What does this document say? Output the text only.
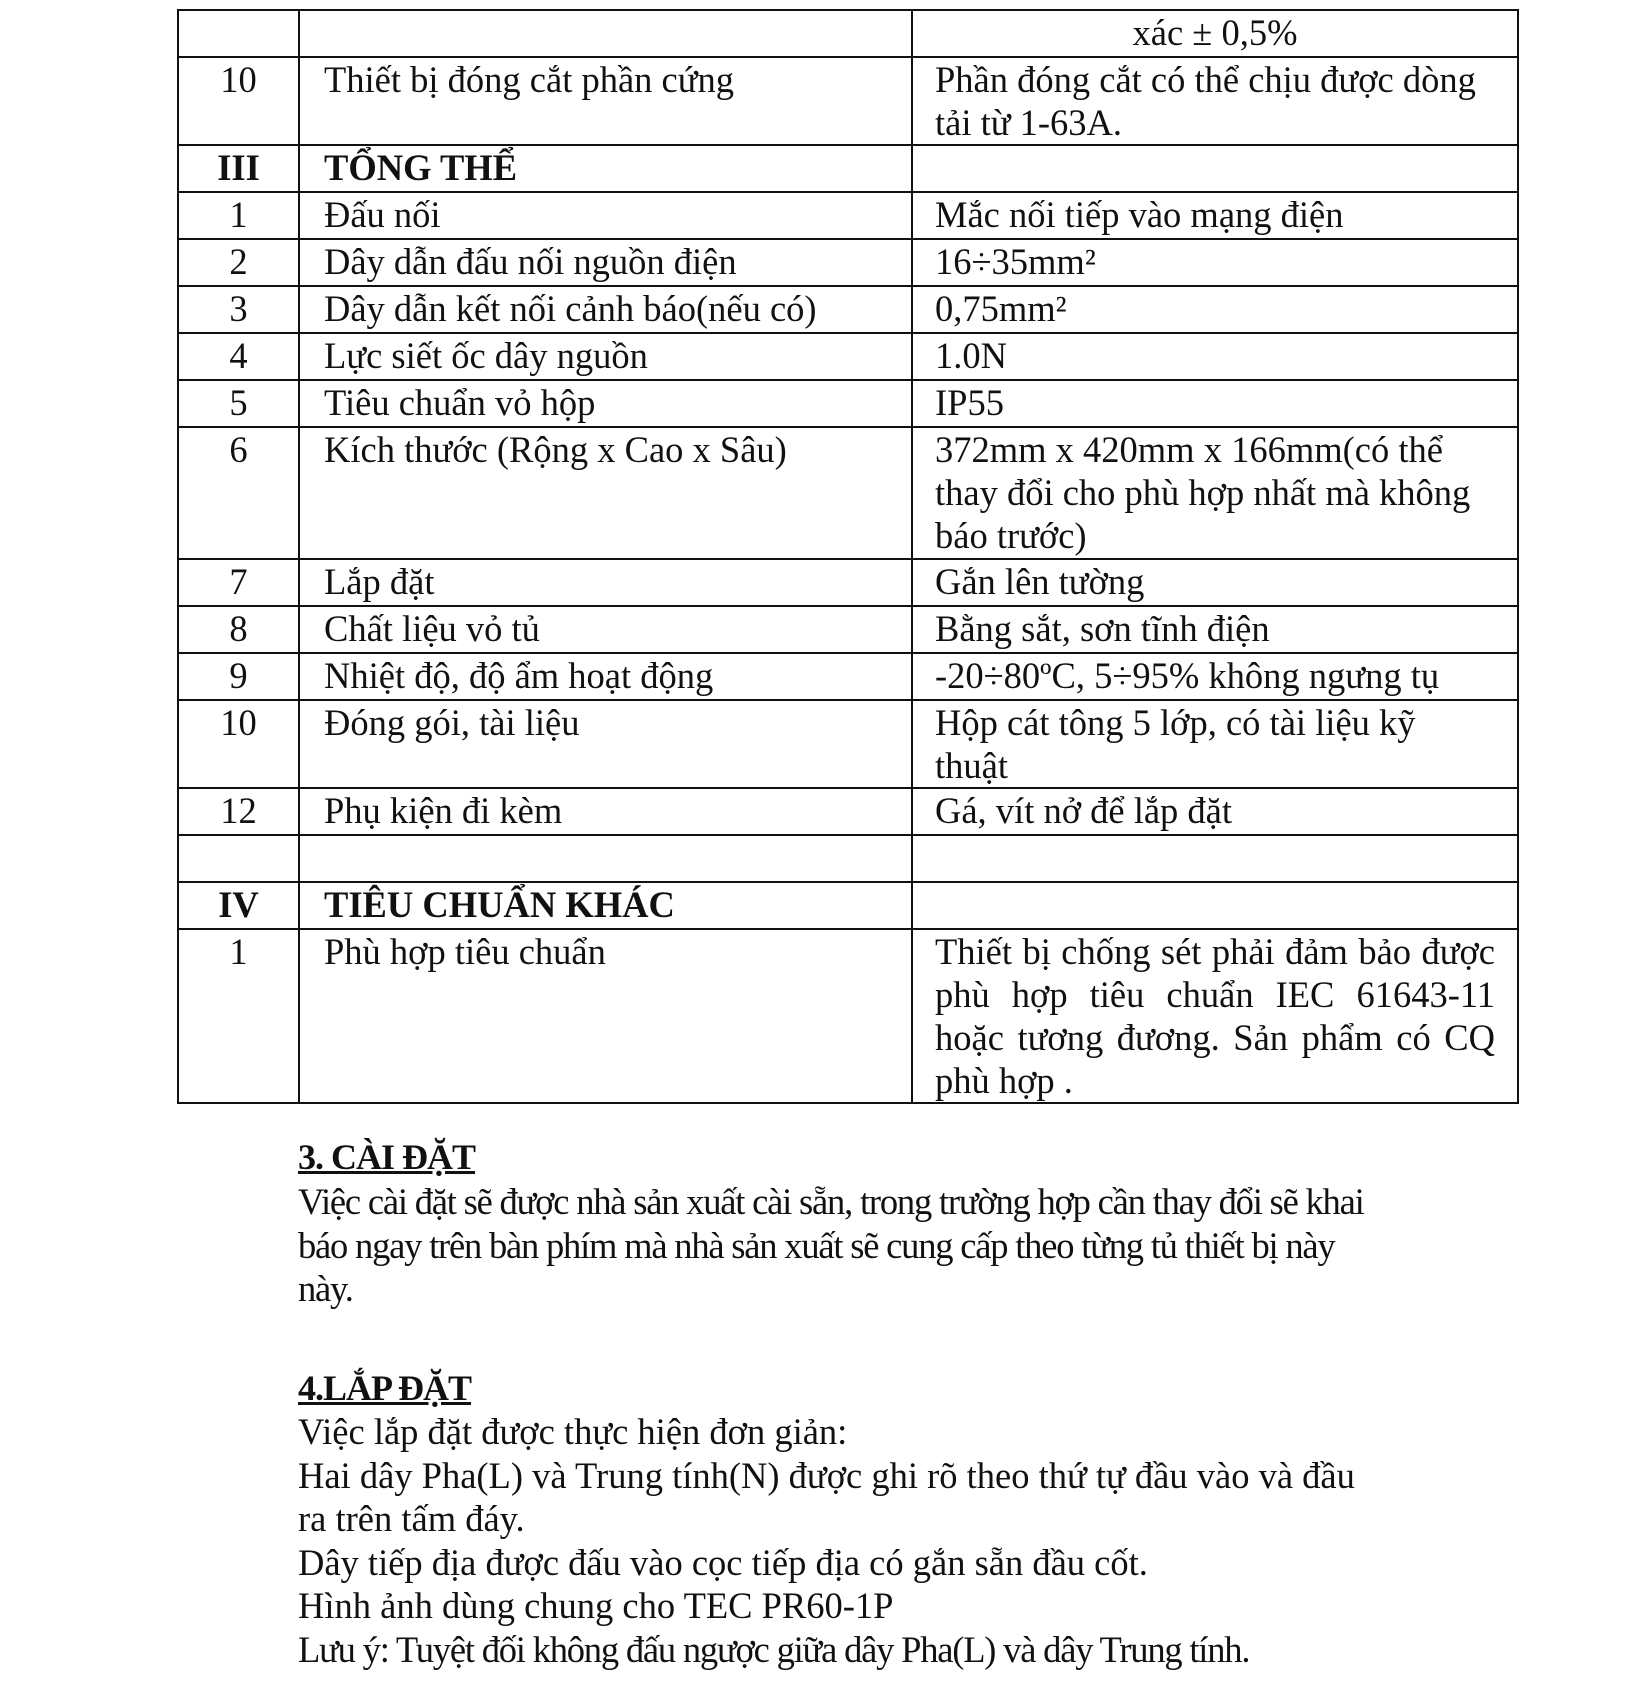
		xác ± 0,5%
10	Thiết bị đóng cắt phần cứng	Phần đóng cắt có thể chịu được dòng tải từ 1-63A.
III	TỔNG THỂ	
1	Đấu nối	Mắc nối tiếp vào mạng điện
2	Dây dẫn đấu nối nguồn điện	16÷35mm²
3	Dây dẫn kết nối cảnh báo(nếu có)	0,75mm²
4	Lực siết ốc dây nguồn	1.0N
5	Tiêu chuẩn vỏ hộp	IP55
6	Kích thước (Rộng x Cao x Sâu)	372mm x 420mm x 166mm(có thể thay đổi cho phù hợp nhất mà không báo trước)
7	Lắp đặt	Gắn lên tường
8	Chất liệu vỏ tủ	Bằng sắt, sơn tĩnh điện
9	Nhiệt độ, độ ẩm hoạt động	-20÷80ºC, 5÷95% không ngưng tụ
10	Đóng gói, tài liệu	Hộp cát tông 5 lớp, có tài liệu kỹ thuật
12	Phụ kiện đi kèm	Gá, vít nở để lắp đặt

IV	TIÊU CHUẨN KHÁC	
1	Phù hợp tiêu chuẩn	Thiết bị chống sét phải đảm bảo được phù hợp tiêu chuẩn IEC 61643-11 hoặc tương đương. Sản phẩm có CQ phù hợp .
3. CÀI ĐẶT

Việc cài đặt sẽ được nhà sản xuất cài sẵn, trong trường hợp cần thay đổi sẽ khai báo ngay trên bàn phím mà nhà sản xuất sẽ cung cấp theo từng tủ thiết bị này này.

4.LẮP ĐẶT

Việc lắp đặt được thực hiện đơn giản:

Hai dây Pha(L) và Trung tính(N) được ghi rõ theo thứ tự đầu vào và đầu ra trên tấm đáy.

Dây tiếp địa được đấu vào cọc tiếp địa có gắn sẵn đầu cốt.

Hình ảnh dùng chung cho TEC PR60-1P

Lưu ý: Tuyệt đối không đấu ngược giữa dây Pha(L) và dây Trung tính.
